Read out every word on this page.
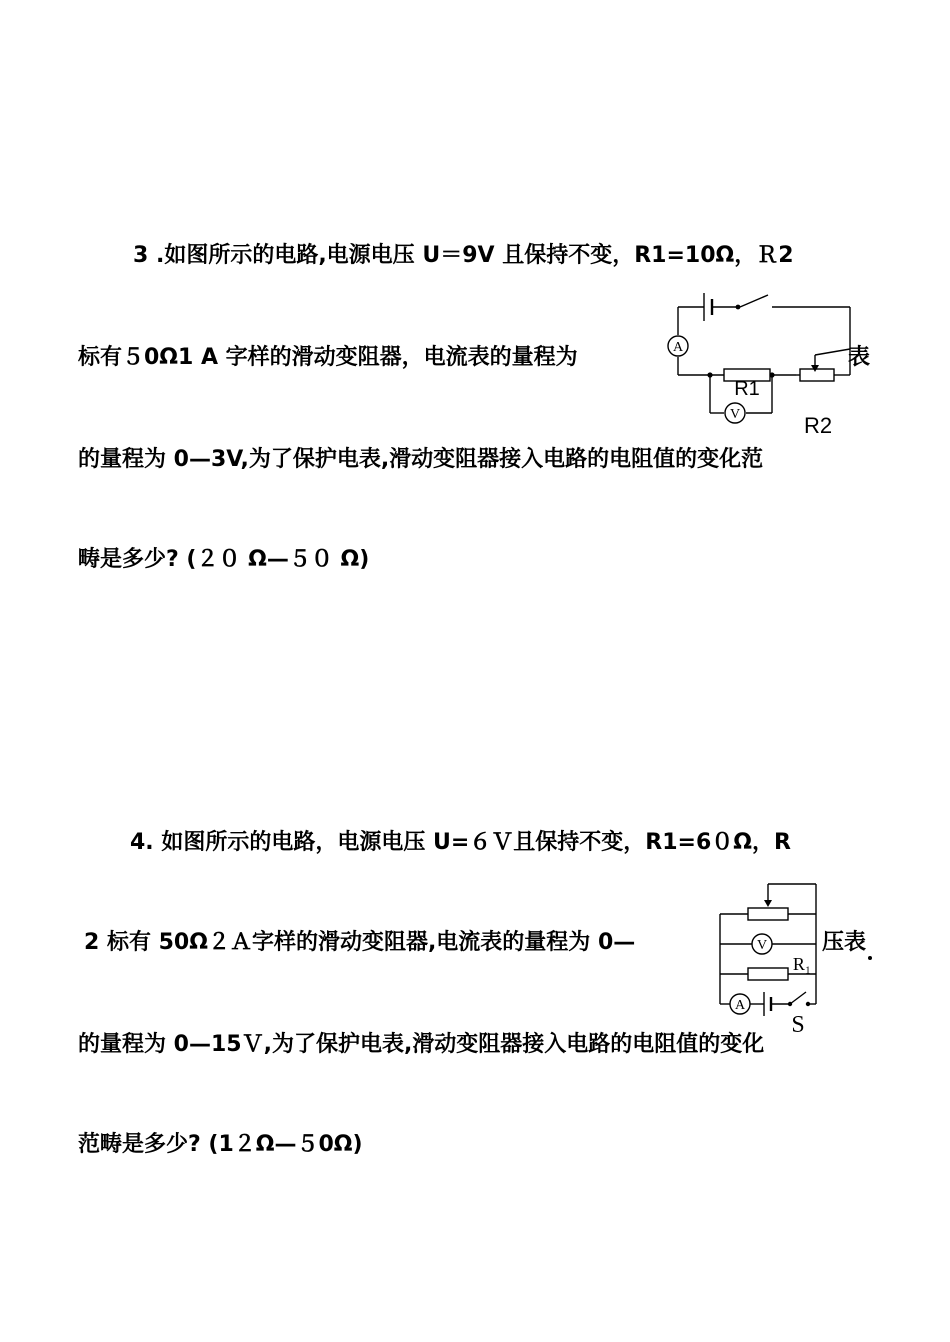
3 .如图所示的电路,电源电压 U＝9V 且保持不变，R1=10Ω，Ｒ2
标有５0Ω1 A 字样的滑动变阻器，电流表的量程为	表
的量程为 0—3V,为了保护电表,滑动变阻器接入电路的电阻值的变化范
畴是多少? (２０ Ω—５０ Ω)
A
V
R1
R2
4. 如图所示的电路，电源电压 U=６Ｖ且保持不变，R1=6０Ω，R
2 标有 50Ω２Ａ字样的滑动变阻器,电流表的量程为 0—	压表
的量程为 0—15Ｖ,为了保护电表,滑动变阻器接入电路的电阻值的变化
范畴是多少? (1２Ω—５0Ω)
V
A
R₁
S
